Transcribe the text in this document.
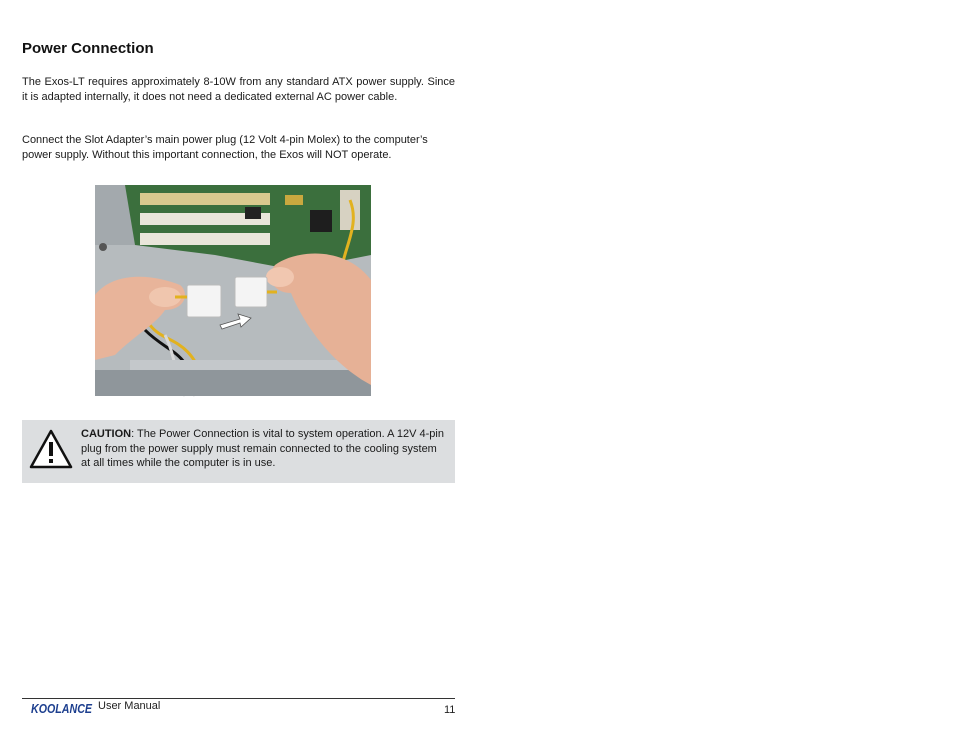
Power Connection

The Exos-LT requires approximately 8-10W from any standard ATX power supply. Since it is adapted internally, it does not need a dedicated external AC power cable.

Connect the Slot Adapter’s main power plug (12 Volt 4-pin Molex) to the computer’s power supply. Without this important connection, the Exos will NOT operate.

CAUTION: The Power Connection is vital to system operation. A 12V 4-pin plug from the power supply must remain connected to the cooling system at all times while the computer is in use.

KOOLANCE User Manual	11
